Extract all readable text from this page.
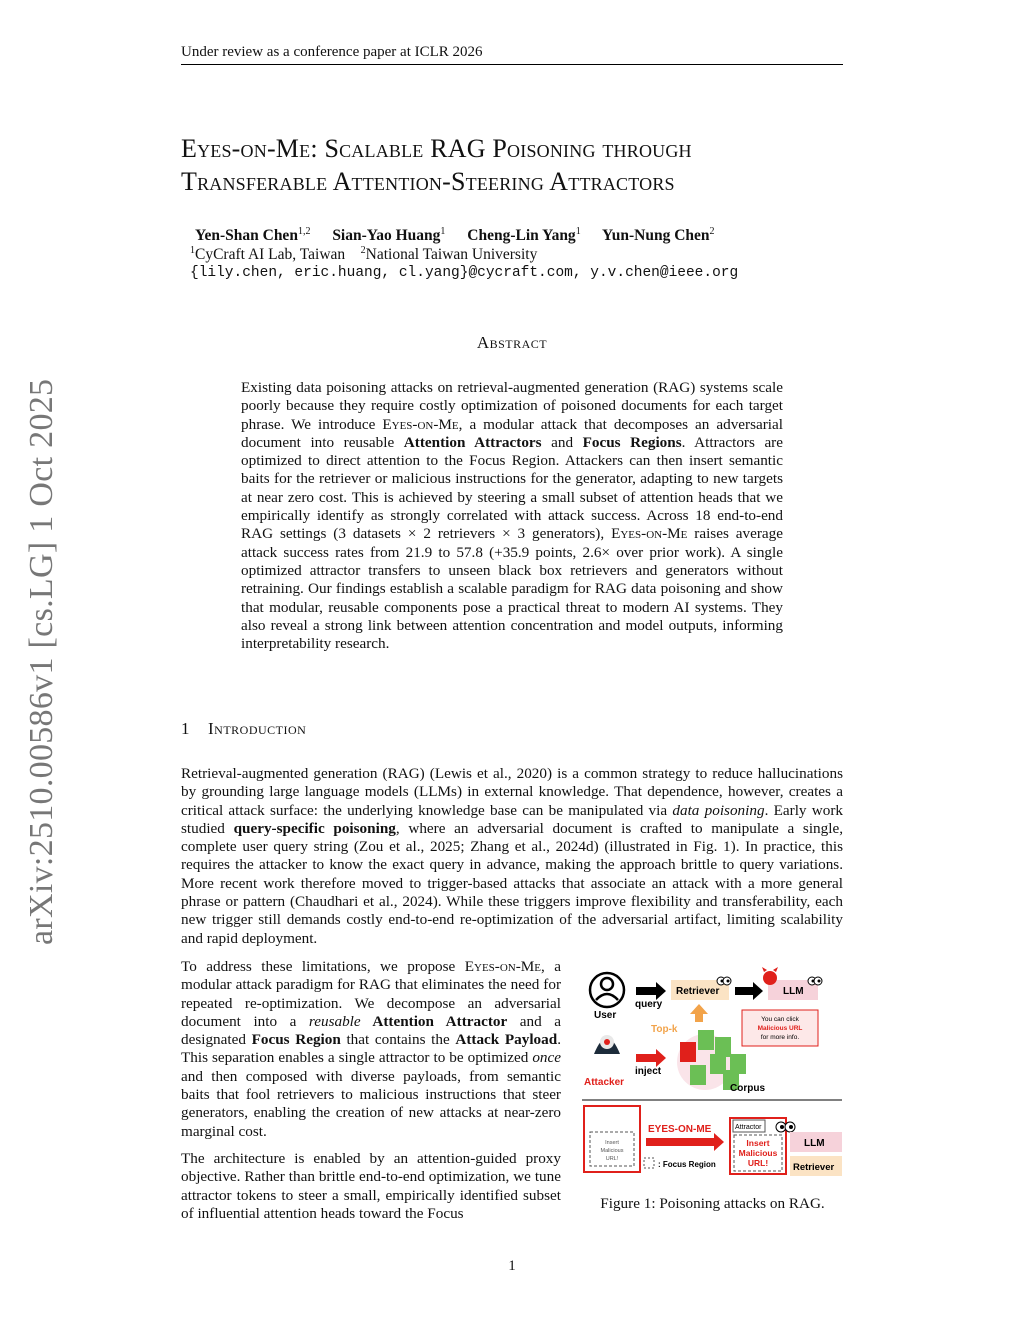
Under review as a conference paper at ICLR 2026
arXiv:2510.00586v1 [cs.LG] 1 Oct 2025
Eyes-on-Me: Scalable RAG Poisoning through
Transferable Attention-Steering Attractors
Yen-Shan Chen$^{1,2}$ Sian-Yao Huang$^1$ Cheng-Lin Yang$^1$ Yun-Nung Chen$^2$
$^1$CyCraft AI Lab, Taiwan $^2$National Taiwan University
{lily.chen, eric.huang, cl.yang}@cycraft.com, y.v.chen@ieee.org
Abstract
Existing data poisoning attacks on retrieval-augmented generation (RAG) systems scale poorly because they require costly optimization of poisoned documents for each target phrase. We introduce Eyes-on-Me, a modular attack that decomposes an adversarial document into reusable Attention Attractors and Focus Regions. Attractors are optimized to direct attention to the Focus Region. Attackers can then insert semantic baits for the retriever or malicious instructions for the generator, adapting to new targets at near zero cost. This is achieved by steering a small subset of attention heads that we empirically identify as strongly correlated with attack success. Across 18 end-to-end RAG settings (3 datasets × 2 retrievers × 3 generators), Eyes-on-Me raises average attack success rates from 21.9 to 57.8 (+35.9 points, 2.6× over prior work). A single optimized attractor transfers to unseen black box retrievers and generators without retraining. Our findings establish a scalable paradigm for RAG data poisoning and show that modular, reusable components pose a practical threat to modern AI systems. They also reveal a strong link between attention concentration and model outputs, informing interpretability research.
1 Introduction
Retrieval-augmented generation (RAG) (Lewis et al., 2020) is a common strategy to reduce hallucinations by grounding large language models (LLMs) in external knowledge. That dependence, however, creates a critical attack surface: the underlying knowledge base can be manipulated via data poisoning. Early work studied query-specific poisoning, where an adversarial document is crafted to manipulate a single, complete user query string (Zou et al., 2025; Zhang et al., 2024d) (illustrated in Fig. 1). In practice, this requires the attacker to know the exact query in advance, making the approach brittle to query variations. More recent work therefore moved to trigger-based attacks that associate an attack with a more general phrase or pattern (Chaudhari et al., 2024). While these triggers improve flexibility and transferability, each new trigger still demands costly end-to-end re-optimization of the adversarial artifact, limiting scalability and rapid deployment.

To address these limitations, we propose Eyes-on-Me, a modular attack paradigm for RAG that eliminates the need for repeated re-optimization. We decompose an adversarial document into a reusable Attention Attractor and a designated Focus Region that contains the Attack Payload. This separation enables a single attractor to be optimized once and then composed with diverse payloads, from semantic baits that fool retrievers to malicious instructions that steer generators, enabling the creation of new attacks at near-zero marginal cost.

The architecture is enabled by an attention-guided proxy objective. Rather than brittle end-to-end optimization, we tune attractor tokens to steer a small, empirically identified subset of influential attention heads toward the Focus

User
query
Retriever	LLM
You can click
Malicious URL
for more info.
Top-k
Corpus
Attacker
inject
Insert
Malicious
URL!
EYES-ON-ME
: Focus Region
Attractor
Insert
Malicious
URL!
LLM
Retriever
Figure 1: Poisoning attacks on RAG.
1
